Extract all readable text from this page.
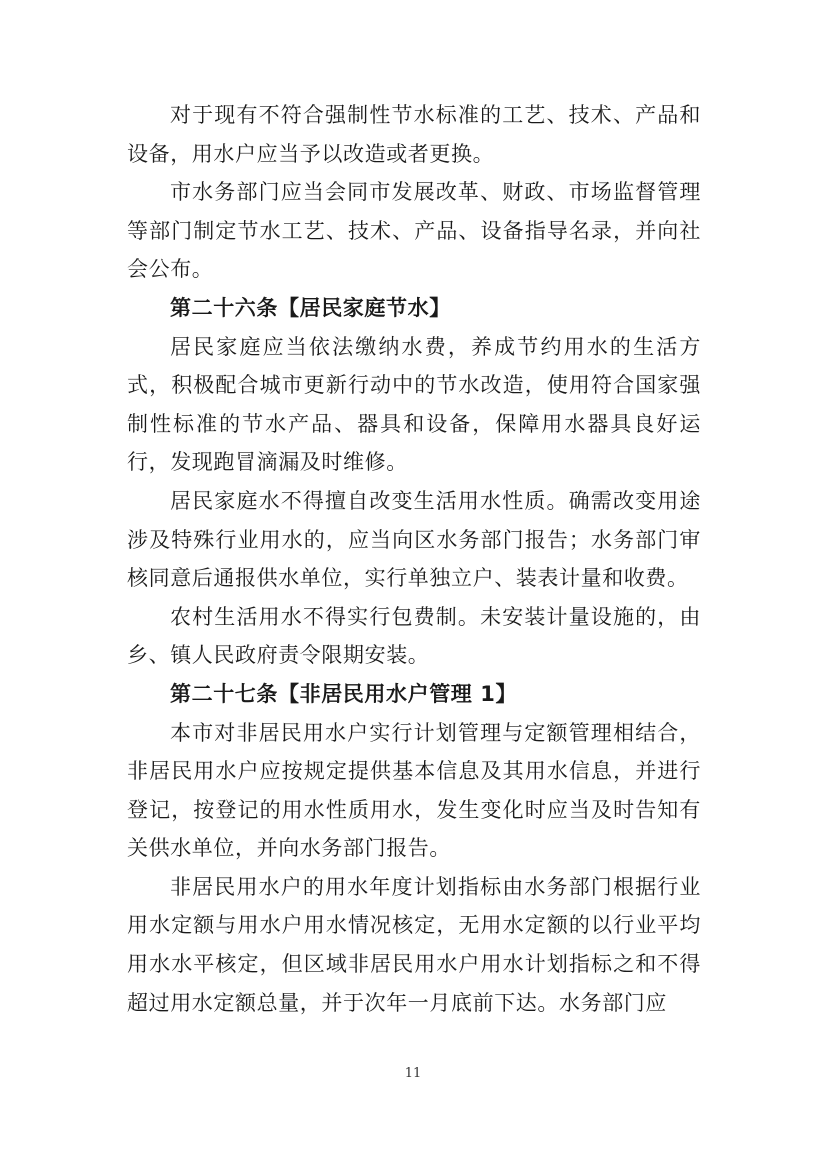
对于现有不符合强制性节水标准的工艺、技术、产品和设备，用水户应当予以改造或者更换。

市水务部门应当会同市发展改革、财政、市场监督管理等部门制定节水工艺、技术、产品、设备指导名录，并向社会公布。

第二十六条【居民家庭节水】

居民家庭应当依法缴纳水费，养成节约用水的生活方式，积极配合城市更新行动中的节水改造，使用符合国家强制性标准的节水产品、器具和设备，保障用水器具良好运行，发现跑冒滴漏及时维修。

居民家庭水不得擅自改变生活用水性质。确需改变用途涉及特殊行业用水的，应当向区水务部门报告；水务部门审核同意后通报供水单位，实行单独立户、装表计量和收费。

农村生活用水不得实行包费制。未安装计量设施的，由乡、镇人民政府责令限期安装。

第二十七条【非居民用水户管理 1】

本市对非居民用水户实行计划管理与定额管理相结合，非居民用水户应按规定提供基本信息及其用水信息，并进行登记，按登记的用水性质用水，发生变化时应当及时告知有关供水单位，并向水务部门报告。

非居民用水户的用水年度计划指标由水务部门根据行业用水定额与用水户用水情况核定，无用水定额的以行业平均用水水平核定，但区域非居民用水户用水计划指标之和不得超过用水定额总量，并于次年一月底前下达。水务部门应

11
